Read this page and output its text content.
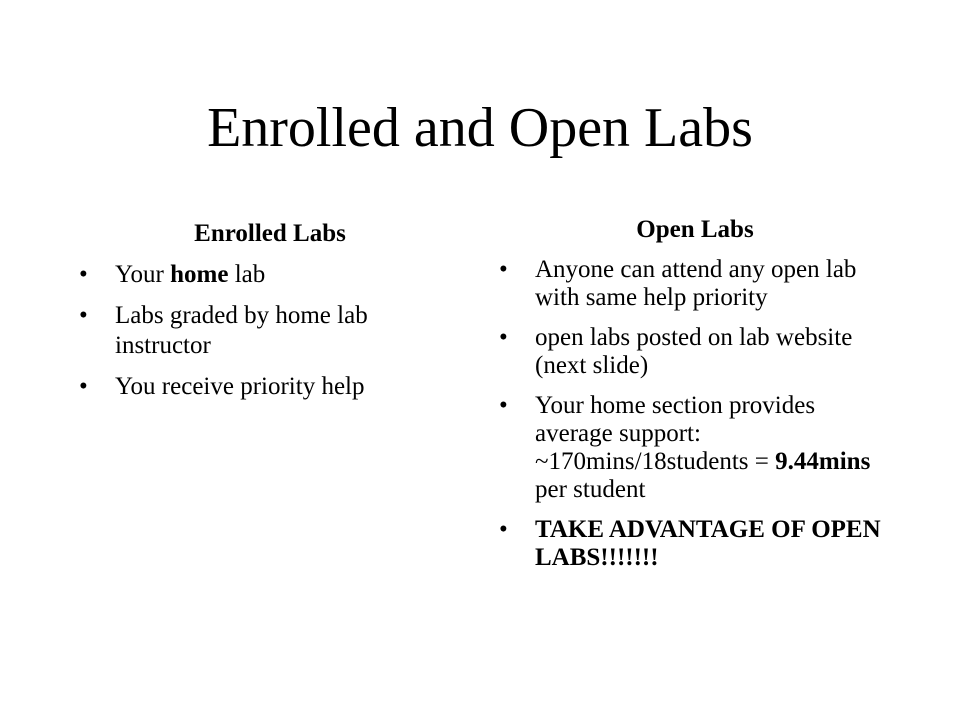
Enrolled and Open Labs
Enrolled Labs
• Your home lab
• Labs graded by home lab instructor
• You receive priority help
Open Labs
• Anyone can attend any open lab with same help priority
• open labs posted on lab website (next slide)
• Your home section provides average support: ~170mins/18students = 9.44mins per student
• TAKE ADVANTAGE OF OPEN LABS!!!!!!!
